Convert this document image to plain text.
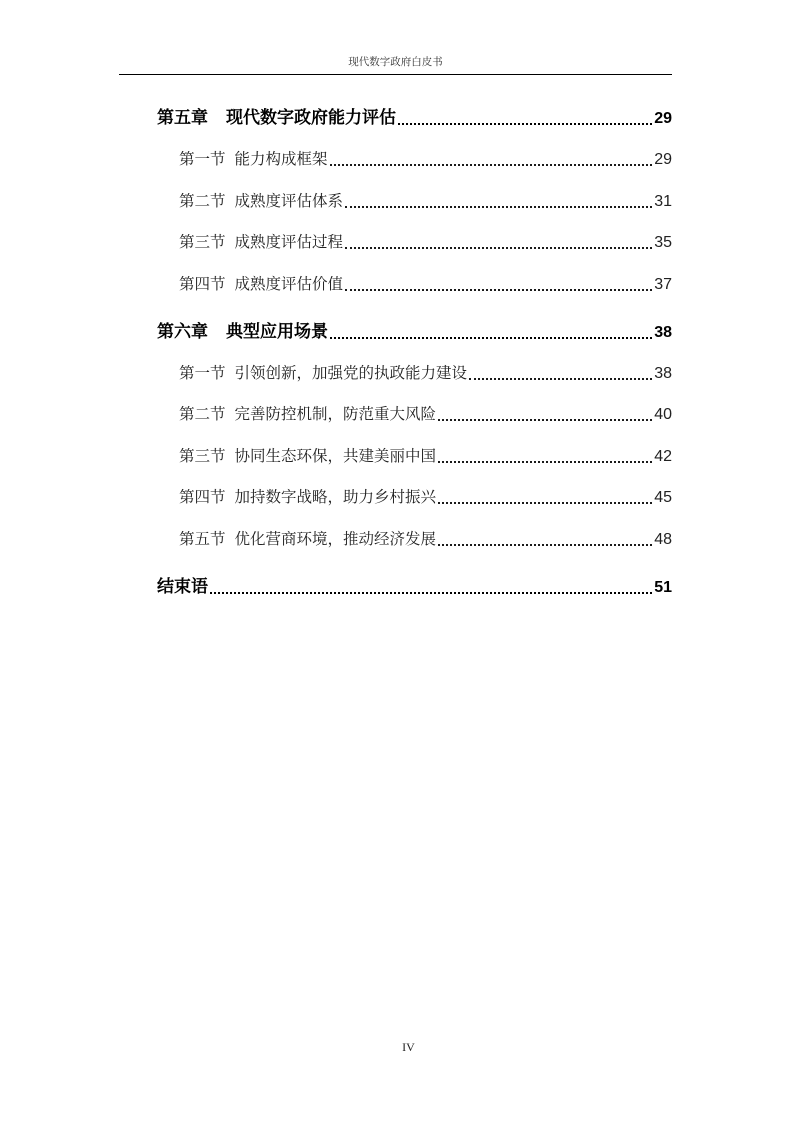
现代数字政府白皮书
第五章 现代数字政府能力评估	29
第一节 能力构成框架	29
第二节 成熟度评估体系	31
第三节 成熟度评估过程	35
第四节 成熟度评估价值	37
第六章 典型应用场景	38
第一节 引领创新，加强党的执政能力建设	38
第二节 完善防控机制，防范重大风险	40
第三节 协同生态环保，共建美丽中国	42
第四节 加持数字战略，助力乡村振兴	45
第五节 优化营商环境，推动经济发展	48
结束语	51
IV
